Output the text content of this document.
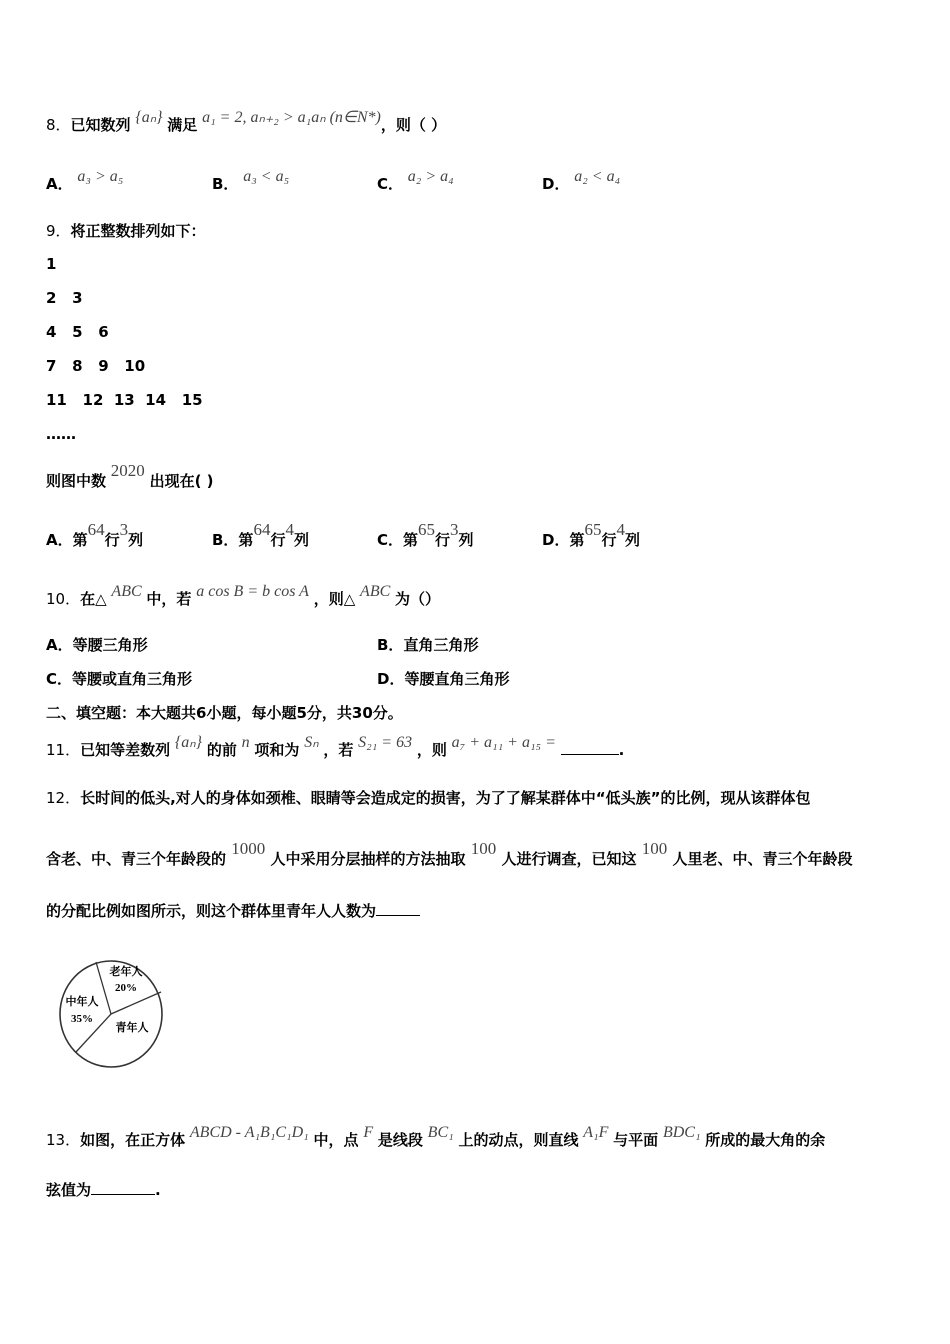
8．已知数列 {aₙ} 满足 a₁ = 2, aₙ₊₂ > a₁aₙ (n∈N*)，则（ ）
A． a₃ > a₅	B． a₃ < a₅	C． a₂ > a₄	D． a₂ < a₄
9．将正整数排列如下：
1
2   3
4   5   6
7   8   9   10
11   12  13  14   15
……
则图中数 2020 出现在( )
A．第64行3列	B．第64行4列	C．第65行3列	D．第65行4列
10．在△ ABC 中，若 a cos B = b cos A ，则△ ABC 为（）
A．等腰三角形	B．直角三角形
C．等腰或直角三角形	D．等腰直角三角形
二、填空题：本大题共6小题，每小题5分，共30分。
11．已知等差数列 {aₙ} 的前 n 项和为 Sₙ ，若 S₂₁ = 63 ，则 a₇ + a₁₁ + a₁₅ =	.
12．长时间的低头,对人的身体如颈椎、眼睛等会造成定的损害，为了了解某群体中“低头族”的比例，现从该群体包
含老、中、青三个年龄段的 1000 人中采用分层抽样的方法抽取 100 人进行调查，已知这 100 人里老、中、青三个年龄段
的分配比例如图所示，则这个群体里青年人人数为
老年人
20%
中年人
35%
青年人
13．如图，在正方体 ABCD - A₁B₁C₁D₁ 中，点 F 是线段 BC₁ 上的动点，则直线 A₁F 与平面 BDC₁ 所成的最大角的余
弦值为	.
